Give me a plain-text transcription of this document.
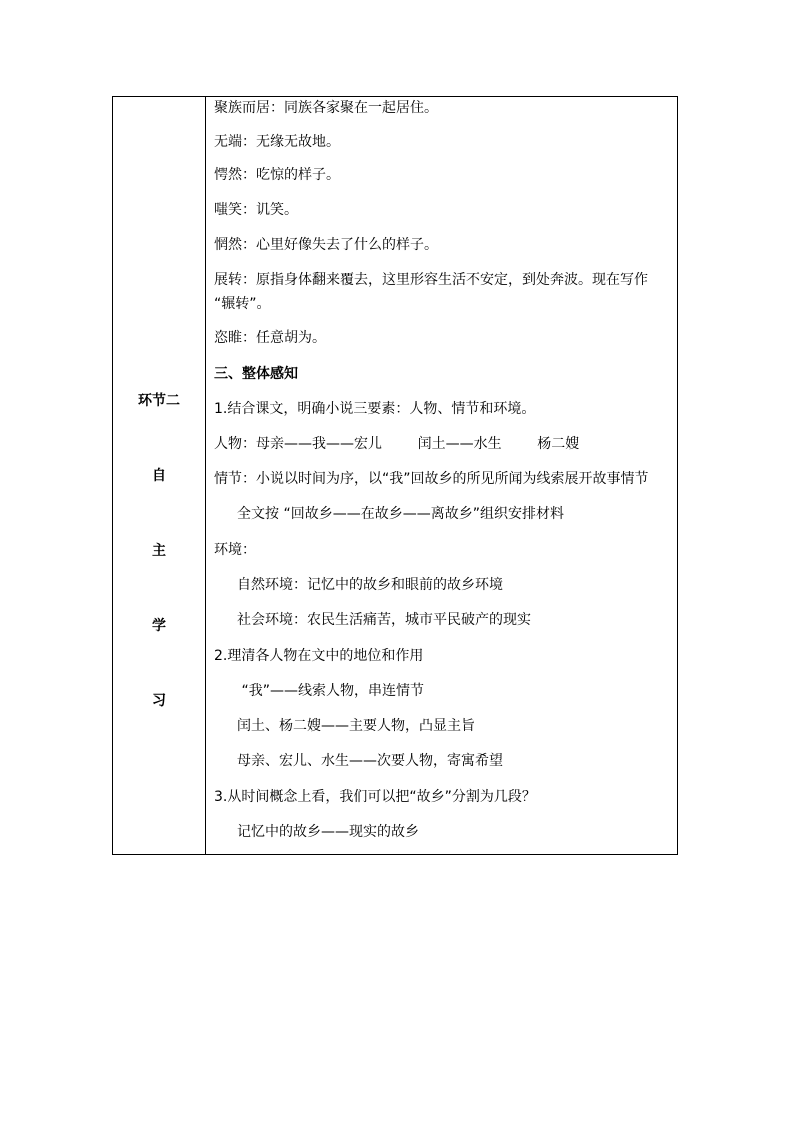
环节二
自
主
学
习
聚族而居：同族各家聚在一起居住。
无端：无缘无故地。
愕然：吃惊的样子。
嗤笑：讥笑。
惘然：心里好像失去了什么的样子。
展转：原指身体翻来覆去，这里形容生活不安定，到处奔波。现在写作
“辗转”。
恣睢：任意胡为。
三、整体感知
1.结合课文，明确小说三要素：人物、情节和环境。
人物：母亲——我——宏儿        闰土——水生        杨二嫂
情节：小说以时间为序，以“我”回故乡的所见所闻为线索展开故事情节
全文按 “回故乡——在故乡——离故乡”组织安排材料
环境：
自然环境：记忆中的故乡和眼前的故乡环境
社会环境：农民生活痛苦，城市平民破产的现实
2.理清各人物在文中的地位和作用
“我”——线索人物，串连情节
闰土、杨二嫂——主要人物，凸显主旨
母亲、宏儿、水生——次要人物，寄寓希望
3.从时间概念上看，我们可以把“故乡”分割为几段？
记忆中的故乡——现实的故乡
